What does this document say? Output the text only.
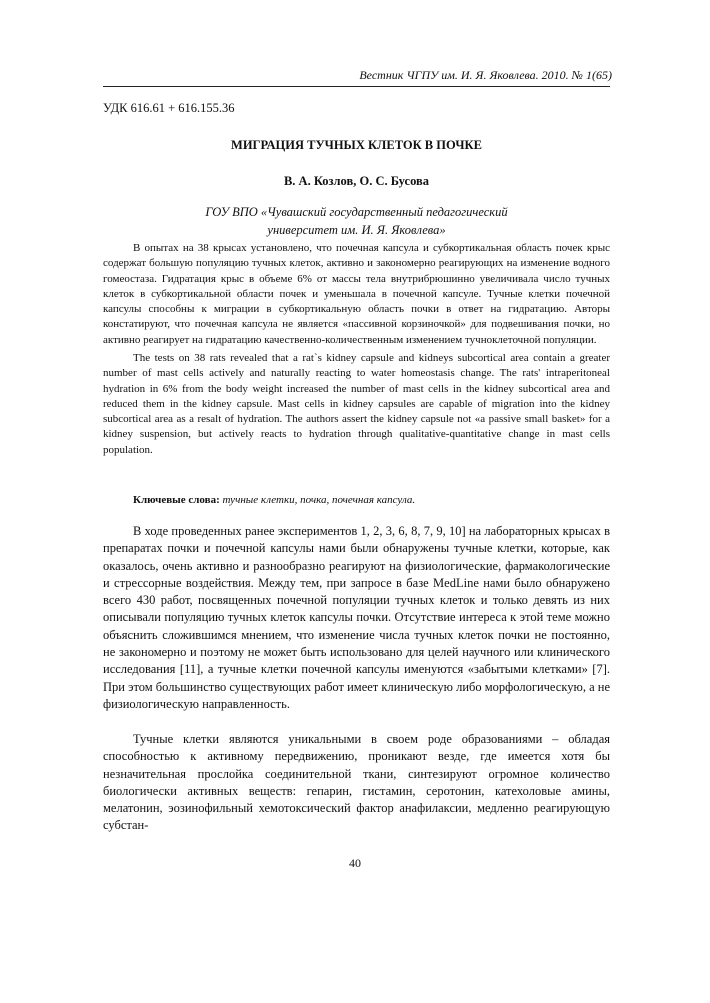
Вестник ЧГПУ им. И. Я. Яковлева. 2010. № 1(65)
УДК 616.61 + 616.155.36
МИГРАЦИЯ ТУЧНЫХ КЛЕТОК В ПОЧКЕ
В. А. Козлов, О. С. Бусова
ГОУ ВПО «Чувашский государственный педагогический
университет им. И. Я. Яковлева»

В опытах на 38 крысах установлено, что почечная капсула и субкортикальная область почек крыс содержат большую популяцию тучных клеток, активно и закономерно реагирующих на изменение водного гомеостаза. Гидратация крыс в объеме 6% от массы тела внутрибрюшинно увеличивала число тучных клеток в субкортикальной области почек и уменьшала в почечной капсуле. Тучные клетки почечной капсулы способны к миграции в субкортикальную область почки в ответ на гидратацию. Авторы констатируют, что почечная капсула не является «пассивной корзиночкой» для подвешивания почки, но активно реагирует на гидратацию качественно-количественным изменением тучноклеточной популяции.

The tests on 38 rats revealed that a rat`s kidney capsule and kidneys subcortical area contain a greater number of mast cells actively and naturally reacting to water homeostasis change. The rats' intraperitoneal hydration in 6% from the body weight increased the number of mast cells in the kidney subcortical area and reduced them in the kidney capsule. Mast cells in kidney capsules are capable of migration into the kidney subcortical area as a resalt of hydration. The authors assert the kidney capsule not «a passive small basket» for a kidney suspension, but actively reacts to hydration through qualitative-quantitative change in mast cells population.

Ключевые слова: тучные клетки, почка, почечная капсула.

В ходе проведенных ранее экспериментов 1, 2, 3, 6, 8, 7, 9, 10] на лабораторных крысах в препаратах почки и почечной капсулы нами были обнаружены тучные клетки, которые, как оказалось, очень активно и разнообразно реагируют на физиологические, фармакологические и стрессорные воздействия. Между тем, при запросе в базе MedLine нами было обнаружено всего 430 работ, посвященных почечной популяции тучных клеток и только девять из них описывали популяцию тучных клеток капсулы почки. Отсутствие интереса к этой теме можно объяснить сложившимся мнением, что изменение числа тучных клеток почки не постоянно, не закономерно и поэтому не может быть использовано для целей научного или клинического исследования [11], а тучные клетки почечной капсулы именуются «забытыми клетками» [7]. При этом большинство существующих работ имеет клиническую либо морфологическую, а не физиологическую направленность.

Тучные клетки являются уникальными в своем роде образованиями – обладая способностью к активному передвижению, проникают везде, где имеется хотя бы незначительная прослойка соединительной ткани, синтезируют огромное количество биологически активных веществ: гепарин, гистамин, серотонин, катехоловые амины, мелатонин, эозинофильный хемотоксический фактор анафилаксии, медленно реагирующую субстан-

40
